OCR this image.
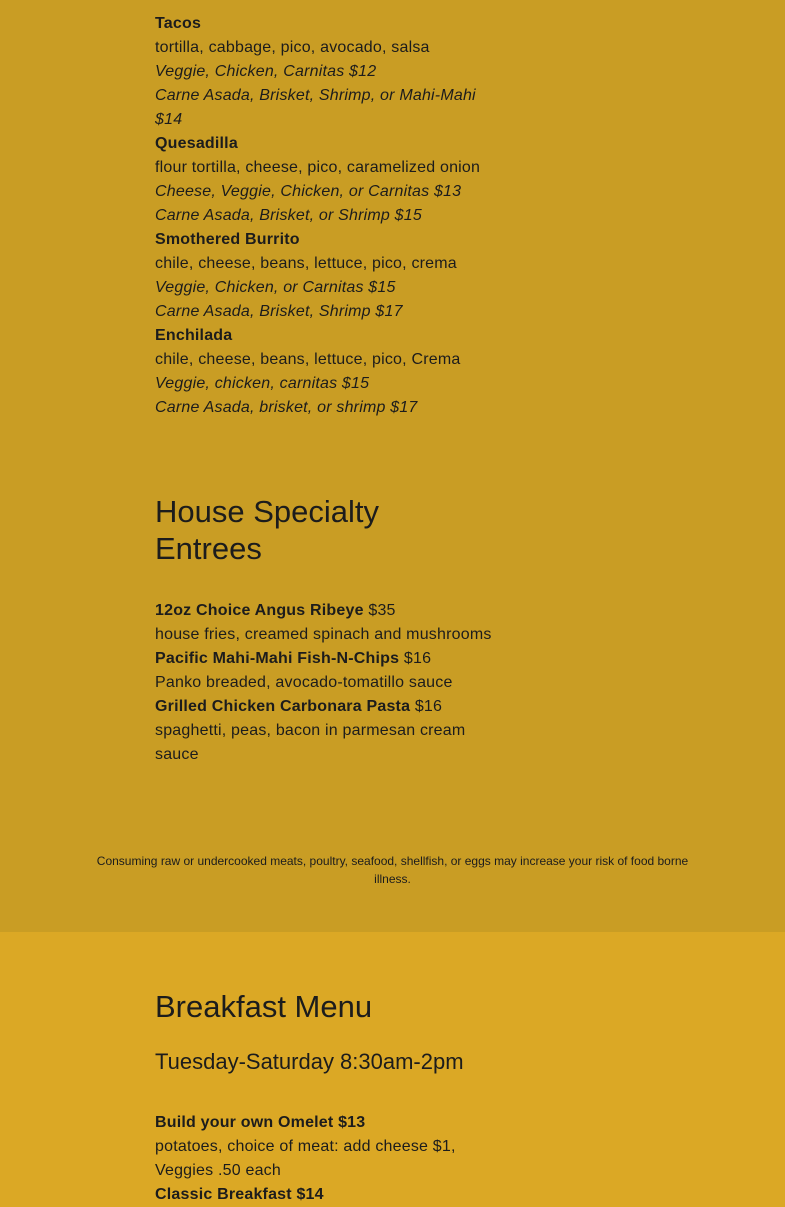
Tacos

tortilla, cabbage, pico, avocado, salsa

Veggie, Chicken, Carnitas $12

Carne Asada, Brisket, Shrimp, or Mahi-Mahi $14

Quesadilla

flour tortilla, cheese, pico, caramelized onion

Cheese, Veggie, Chicken, or Carnitas $13

Carne Asada, Brisket, or Shrimp $15

Smothered Burrito

chile, cheese, beans, lettuce, pico, crema

Veggie, Chicken, or Carnitas $15

Carne Asada, Brisket, Shrimp $17

Enchilada

chile, cheese, beans, lettuce, pico, Crema

Veggie, chicken, carnitas $15

Carne Asada, brisket, or shrimp $17

House Specialty Entrees

12oz Choice Angus Ribeye $35

house fries, creamed spinach and mushrooms

Pacific Mahi-Mahi Fish-N-Chips $16

Panko breaded, avocado-tomatillo sauce

Grilled Chicken Carbonara Pasta $16

spaghetti, peas, bacon in parmesan cream sauce

Consuming raw or undercooked meats, poultry, seafood, shellfish, or eggs may increase your risk of food borne illness.

Breakfast Menu
Tuesday-Saturday 8:30am-2pm

Build your own Omelet $13

potatoes, choice of meat: add cheese $1, Veggies .50 each

Classic Breakfast $14
